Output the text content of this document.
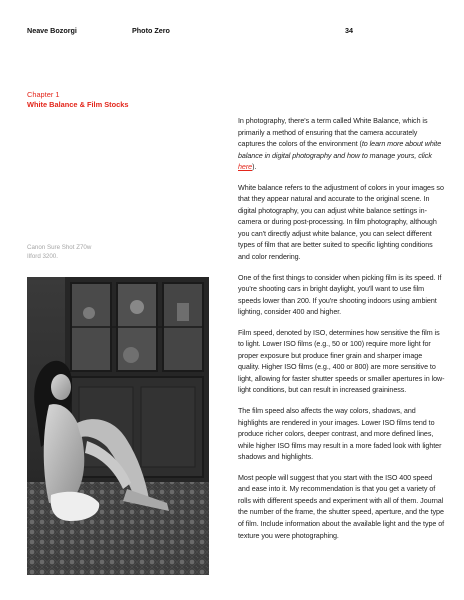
Neave Bozorgi	Photo Zero	34
Chapter 1
White Balance & Film Stocks
Canon Sure Shot Z70w
Ilford 3200.

In photography, there's a term called White Balance, which is primarily a method of ensuring that the camera accurately captures the colors of the environment (to learn more about white balance in digital photography and how to manage yours, click here).

White balance refers to the adjustment of colors in your images so that they appear natural and accurate to the original scene. In digital photography, you can adjust white balance settings in-camera or during post-processing. In film photography, although you can't directly adjust white balance, you can select different types of film that are better suited to specific lighting conditions and color rendering.

One of the first things to consider when picking film is its speed. If you're shooting cars in bright daylight, you'll want to use film speeds lower than 200. If you're shooting indoors using ambient lighting, consider 400 and higher.

Film speed, denoted by ISO, determines how sensitive the film is to light. Lower ISO films (e.g., 50 or 100) require more light for proper exposure but produce finer grain and sharper image quality. Higher ISO films (e.g., 400 or 800) are more sensitive to light, allowing for faster shutter speeds or smaller apertures in low-light conditions, but can result in increased graininess.

The film speed also affects the way colors, shadows, and highlights are rendered in your images. Lower ISO films tend to produce richer colors, deeper contrast, and more defined lines, while higher ISO films may result in a more faded look with lighter shadows and highlights.

Most people will suggest that you start with the ISO 400 speed and ease into it. My recommendation is that you get a variety of rolls with different speeds and experiment with all of them. Journal the number of the frame, the shutter speed, aperture, and the type of film. Include information about the available light and the type of texture you were photographing.
